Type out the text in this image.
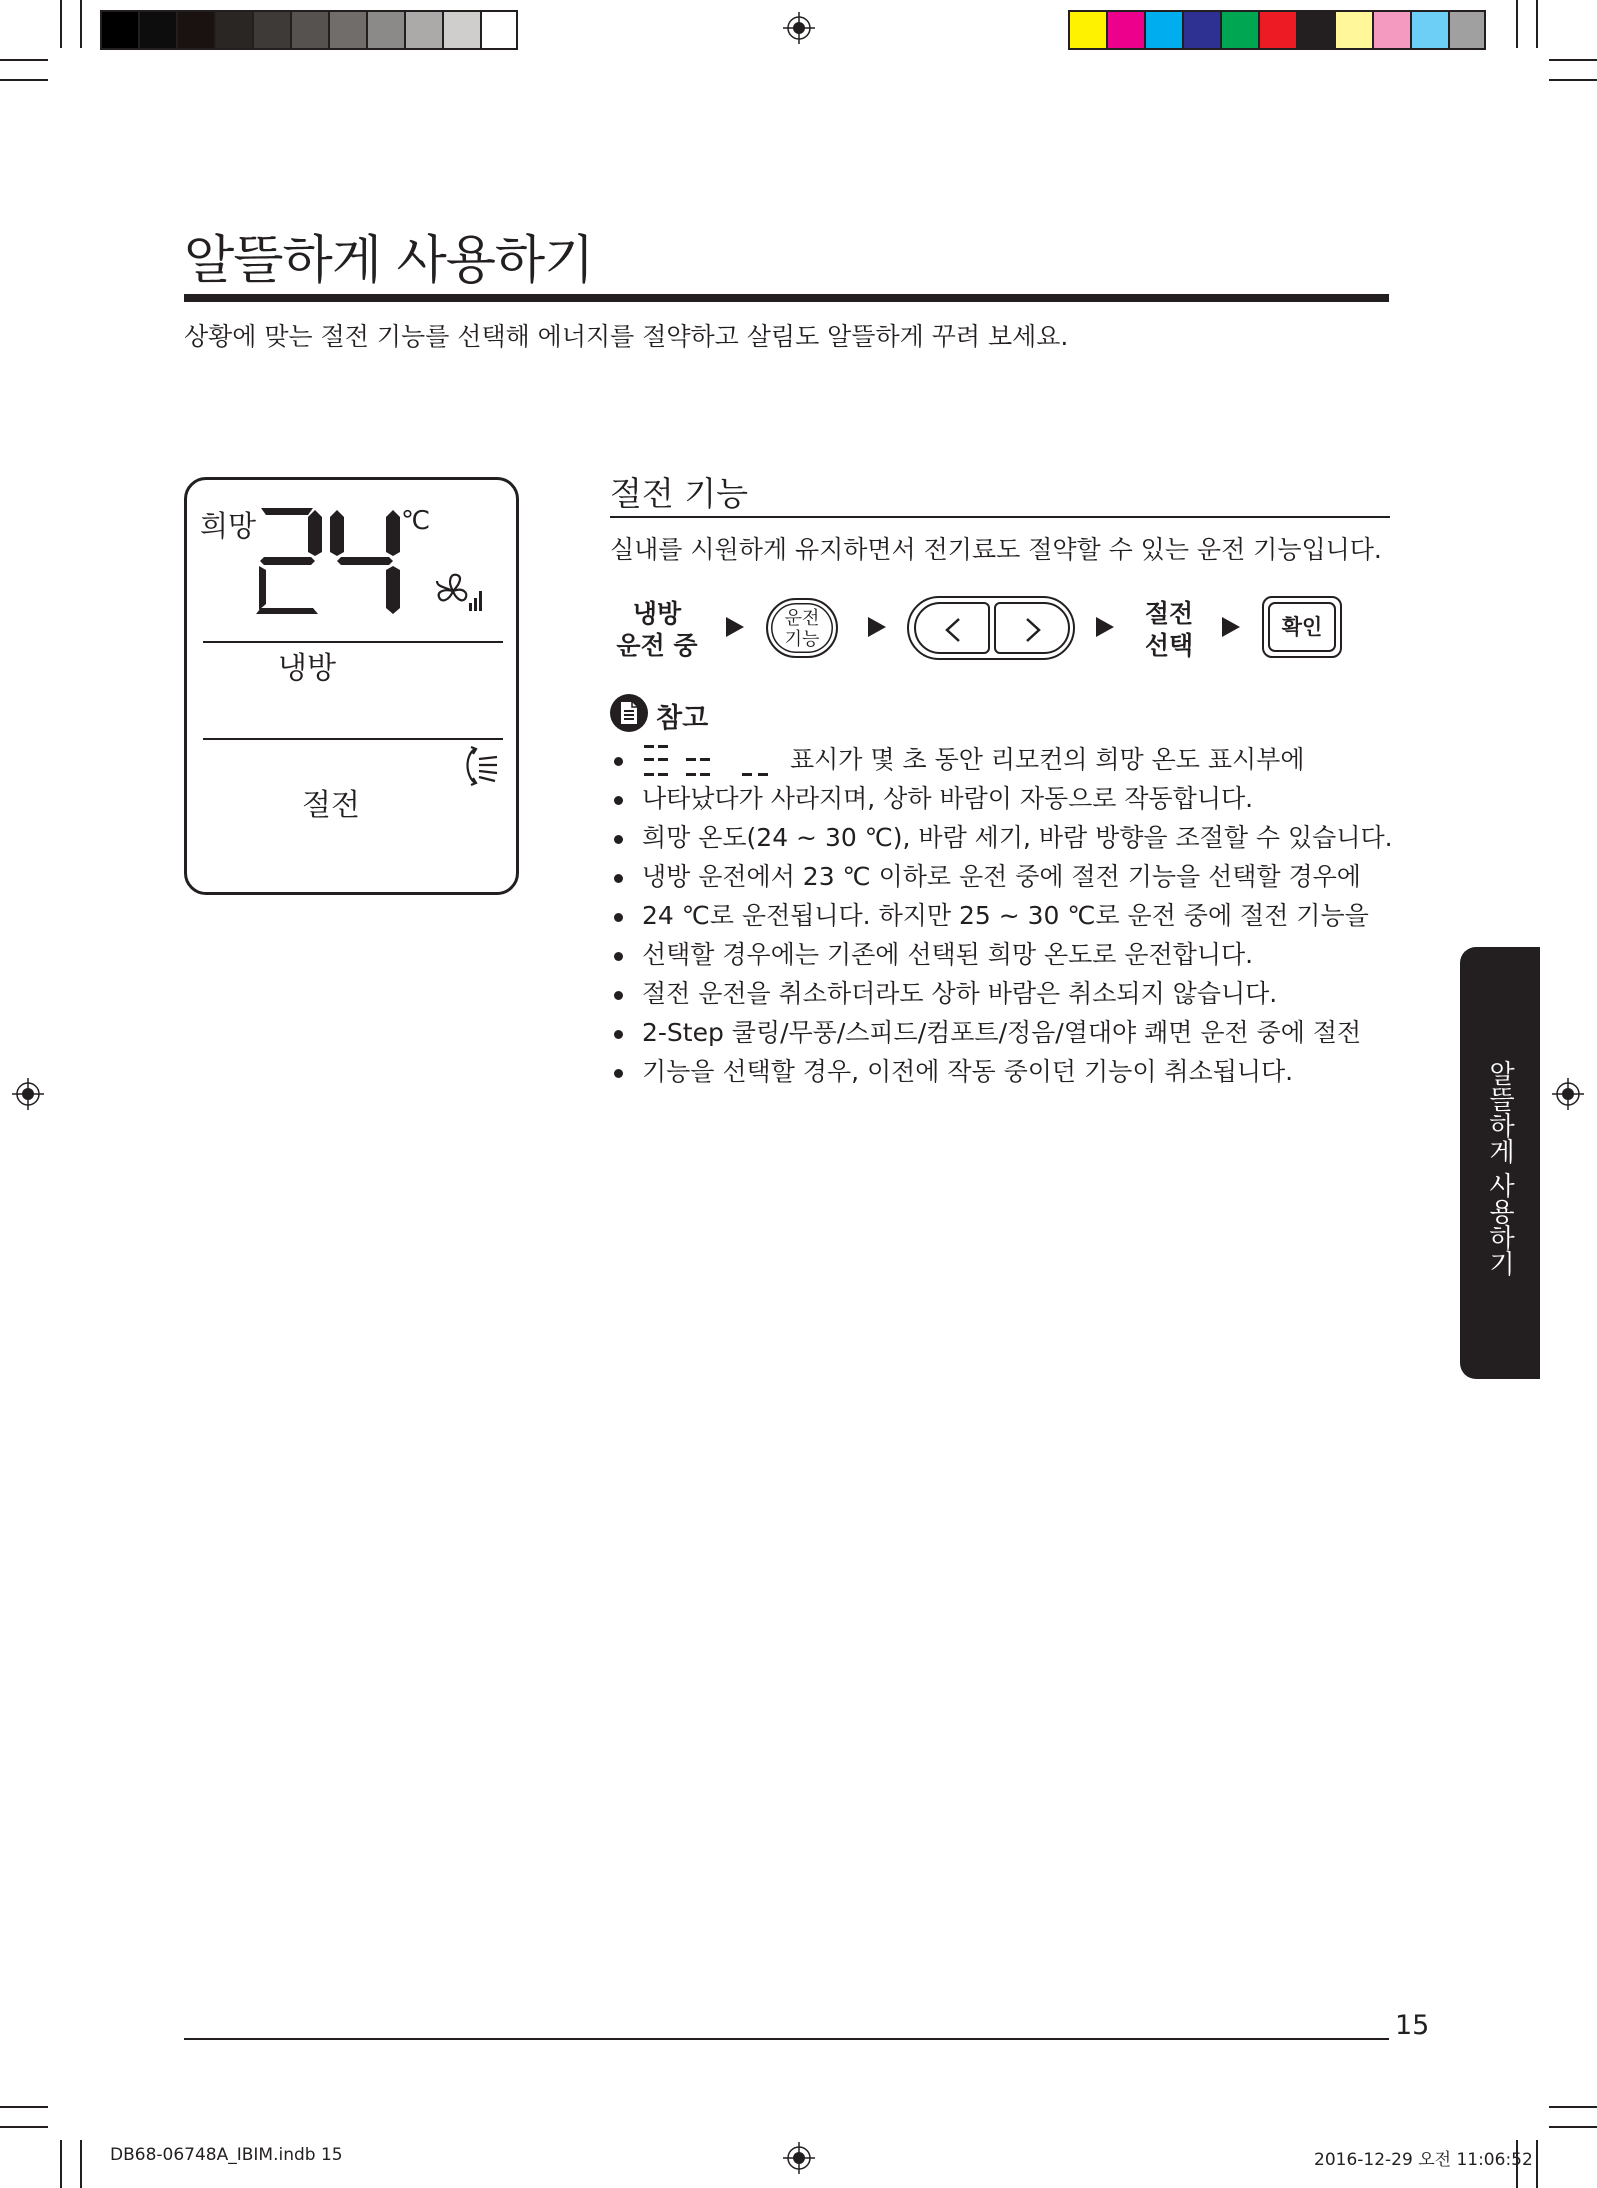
알뜰하게 사용하기
상황에 맞는 절전 기능를 선택해 에너지를 절약하고 살림도 알뜰하게 꾸려 보세요.
희망	℃
냉방
절전
절전 기능
실내를 시원하게 유지하면서 전기료도 절약할 수 있는 운전 기능입니다.
냉방
운전 중
운전
기능
절전
선택
확인
참고
표시가 몇 초 동안 리모컨의 희망 온도 표시부에
나타났다가 사라지며, 상하 바람이 자동으로 작동합니다.
희망 온도(24 ~ 30 ℃), 바람 세기, 바람 방향을 조절할 수 있습니다.
냉방 운전에서 23 ℃ 이하로 운전 중에 절전 기능을 선택할 경우에
24 ℃로 운전됩니다. 하지만 25 ~ 30 ℃로 운전 중에 절전 기능을
선택할 경우에는 기존에 선택된 희망 온도로 운전합니다.
절전 운전을 취소하더라도 상하 바람은 취소되지 않습니다.
2-Step 쿨링/무풍/스피드/컴포트/정음/열대야 쾌면 운전 중에 절전
기능을 선택할 경우, 이전에 작동 중이던 기능이 취소됩니다.	알뜰하게 사용하기
15
DB68-06748A_IBIM.indb 15	2016-12-29 오전 11:06:52
